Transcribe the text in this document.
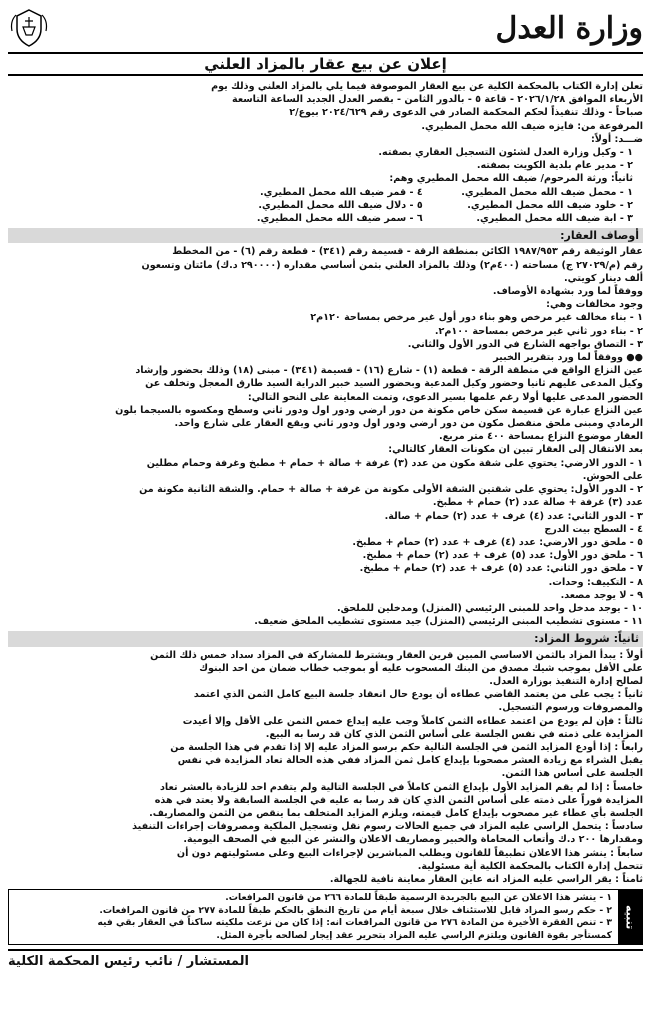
وزارة العدل
إعلان عن بيع عقار بالمزاد العلني

تعلن إدارة الكتاب بالمحكمة الكلية عن بيع العقار الموصوفة فيما يلي بالمزاد العلني وذلك يوم

الأربعاء الموافق ٢٠٢٦/١/٢٨ - قاعة ٥ - بالدور الثامن - بقصر العدل الجديد الساعة التاسعة

صباحاً - وذلك تنفيذاً لحكم المحكمة الصادر في الدعوى رقم ٢٠٢٤/٦٢٩ بيوع/٢

المرفوعة من: فايزه ضيف الله محمل المطيري.

ضـــد: أولاً:

١ - وكيل وزارة العدل لشئون التسجيل العقاري بصفته.

٢ - مدير عام بلدية الكويت بصفته.

ثانياً: ورثة المرحوم/ ضيف الله محمل المطيري وهم:

١ - محمل ضيف الله محمل المطيري.

٤ - قمر ضيف الله محمل المطيري.

٢ - خلود ضيف الله محمل المطيري.

٥ - دلال ضيف الله محمل المطيري.

٣ - ابة ضيف الله محمل المطيري.

٦ - سمر ضيف الله محمل المطيري.

أوصاف العقار:

عقار الوثيقة رقم ١٩٨٧/٩٥٣ الكائن بمنطقة الرقة - قسيمة رقم (٣٤١) - قطعة رقم (٦) - من المخطط

رقم (م/٢٧٠٢٩ ج) مساحته (٤٠٠م٢) وذلك بالمزاد العلني بثمن أساسي مقداره (٢٩٠٠٠٠ د.ك) مائتان وتسعون

ألف دينار كويتي.

ووفقاً لما ورد بشهادة الأوصاف.

وجود مخالفات وهي:

١ - بناء مخالف غير مرخص وهو بناء دور أول غير مرخص بمساحة ١٢٠م٢

٢ - بناء دور ثاني غير مرخص بمساحة ١٠٠م٢.

٣ - التصاق بواجهه الشارع في الدور الأول والثاني.

●● ووفقاً لما ورد بتقرير الخبير

عين النزاع الواقع في منطقة الرقة - قطعة (١) - شارع (١٦) - قسيمة (٣٤١) - مبنى (١٨) وذلك بحضور وإرشاد

وكيل المدعى عليهم ثانيا وحضور وكيل المدعية وبحضور السيد خبير الدراية السيد طارق المعجل وتخلف عن

الحضور المدعى عليها أولا رغم علمها بسير الدعوى، وتمت المعاينة على النحو التالي:

عين النزاع عبارة عن قسيمة سكن خاص مكونة من دور ارضي ودور اول ودور ثاني وسطح ومكسوه بالسيجما بلون

الرمادي ومبنى ملحق منفصل مكون من دور ارضي ودور اول ودور ثاني ويقع العقار على شارع واحد.

العقار موضوع النزاع بمساحة ٤٠٠ متر مربع.

بعد الانتقال إلى العقار تبين ان مكونات العقار كالتالي:

١ - الدور الارضي: يحتوي على شقة مكون من عدد (٣) غرفة + صالة + حمام + مطبخ وغرفة وحمام مطلين

على الحوش.

٢ - الدور الأول: يحتوي على شقتين الشقة الأولى مكونة من غرفة + صالة + حمام. والشقة الثانية مكونة من

عدد (٣) غرفة + صالة عدد (٢) حمام + مطبخ.

٣ - الدور الثاني: عدد (٤) غرف + عدد (٢) حمام + صالة.

٤ - السطح بيت الدرج

٥ - ملحق دور الارضي: عدد (٤) غرف + عدد (٢) حمام + مطبخ.

٦ - ملحق دور الأول: عدد (٥) غرف + عدد (٢) حمام + مطبخ.

٧ - ملحق دور الثاني: عدد (٥) غرف + عدد (٢) حمام + مطبخ.

٨ - التكييف: وحدات.

٩ - لا يوجد مصعد.

١٠ - يوجد مدخل واحد للمبنى الرئيسي (المنزل) ومدخلين للملحق.

١١ - مستوى تشطيب المبنى الرئيسي (المنزل) جيد مستوى تشطيب الملحق ضعيف.

ثانياً: شروط المزاد:

أولاً : يبدأ المزاد بالثمن الاساسي المبين قرين العقار ويشترط للمشاركة في المزاد سداد خمس ذلك الثمن

على الأقل بموجب شيك مصدق من البنك المسحوب عليه أو بموجب خطاب ضمان من احد البنوك

لصالح إدارة التنفيذ بوزارة العدل.

ثانياً : يجب على من يعتمد القاضي عطاءه أن يودع حال انعقاد جلسة البيع كامل الثمن الذي اعتمد

والمصروفات ورسوم التسجيل.

ثالثاً : فإن لم يودع من اعتمد عطاءه الثمن كاملاً وجب عليه إيداع خمس الثمن على الأقل وإلا أعيدت

المزايدة على ذمته في نفس الجلسة على أساس الثمن الذي كان قد رسا به البيع.

رابعاً : إذا أودع المزايد الثمن في الجلسة التالية حكم برسو المزاد عليه إلا إذا تقدم في هذا الجلسة من

يقبل الشراء مع زيادة العشر مصحوبا بإيداع كامل ثمن المزاد ففي هذه الحالة تعاد المزايدة في نفس

الجلسة على أساس هذا الثمن.

خامساً : إذا لم يقم المزايد الأول بإيداع الثمن كاملاً في الجلسة التالية ولم يتقدم احد للزيادة بالعشر تعاد

المزايدة فوراً على ذمته على أساس الثمن الذي كان قد رسا به عليه في الجلسة السابقة ولا يعتد في هذه

الجلسة بأي عطاء غير مصحوب بإيداع كامل قيمته، ويلزم المزايد المتخلف بما ينقص من الثمن والمصاريف.

سادساً : يتحمل الراسي عليه المزاد في جميع الحالات رسوم نقل وتسجيل الملكية ومصروفات إجراءات التنفيذ

ومقدارها ٢٠٠ د.ك وأتعاب المحاماة والخبير ومصاريف الاعلان والنشر عن البيع في الصحف اليومية.

سابعاً : ينشر هذا الاعلان تطبيقاً للقانون ويطلب المباشرين لإجراءات البيع وعلى مسئوليتهم دون أن

تتحمل إدارة الكتاب بالمحكمة الكلية أية مسئولية.

ثامناً : يقر الراسي عليه المزاد انه عاين العقار معاينة نافية للجهالة.

تنبيه

١ - ينشر هذا الاعلان عن البيع بالجريدة الرسمية طبقاً للمادة ٢٦٦ من قانون المرافعات.

٢ - حكم رسو المزاد قابل للاستئناف خلال سبعة أيام من تاريخ النطق بالحكم طبقاً للمادة ٢٧٧ من قانون المرافعات.

٣ - تنص الفقرة الأخيرة من المادة ٢٧٦ من قانون المرافعات انه: إذا كان من نزعت ملكيته ساكناً في العقار بقي فيه

كمستأجر بقوة القانون ويلتزم الراسي عليه المزاد بتحرير عقد إيجار لصالحه بأجرة المثل.

المستشار / نائب رئيس المحكمة الكلية
